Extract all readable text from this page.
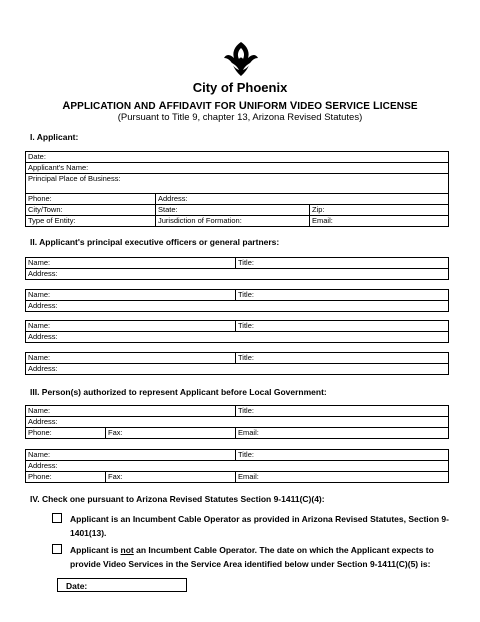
City of Phoenix
APPLICATION AND AFFIDAVIT FOR UNIFORM VIDEO SERVICE LICENSE
(Pursuant to Title 9, chapter 13, Arizona Revised Statutes)
I. Applicant:
Date:		
Applicant's Name:		
Principal Place of Business:		
Phone:	Address:	
City/Town:	State:	Zip:
Type of Entity:	Jurisdiction of Formation:	Email:
II. Applicant's principal executive officers or general partners:
Name:	Title:
Address:
Name:	Title:
Address:
Name:	Title:
Address:
Name:	Title:
Address:
III. Person(s) authorized to represent Applicant before Local Government:
Name:		Title:
Address:		
Phone:	Fax:	Email:
Name:		Title:
Address:		
Phone:	Fax:	Email:
IV. Check one pursuant to Arizona Revised Statutes Section 9-1411(C)(4):
Applicant is an Incumbent Cable Operator as provided in Arizona Revised Statutes, Section 9-1401(13).
Applicant is not an Incumbent Cable Operator. The date on which the Applicant expects to provide Video Services in the Service Area identified below under Section 9-1411(C)(5) is:
Date:
